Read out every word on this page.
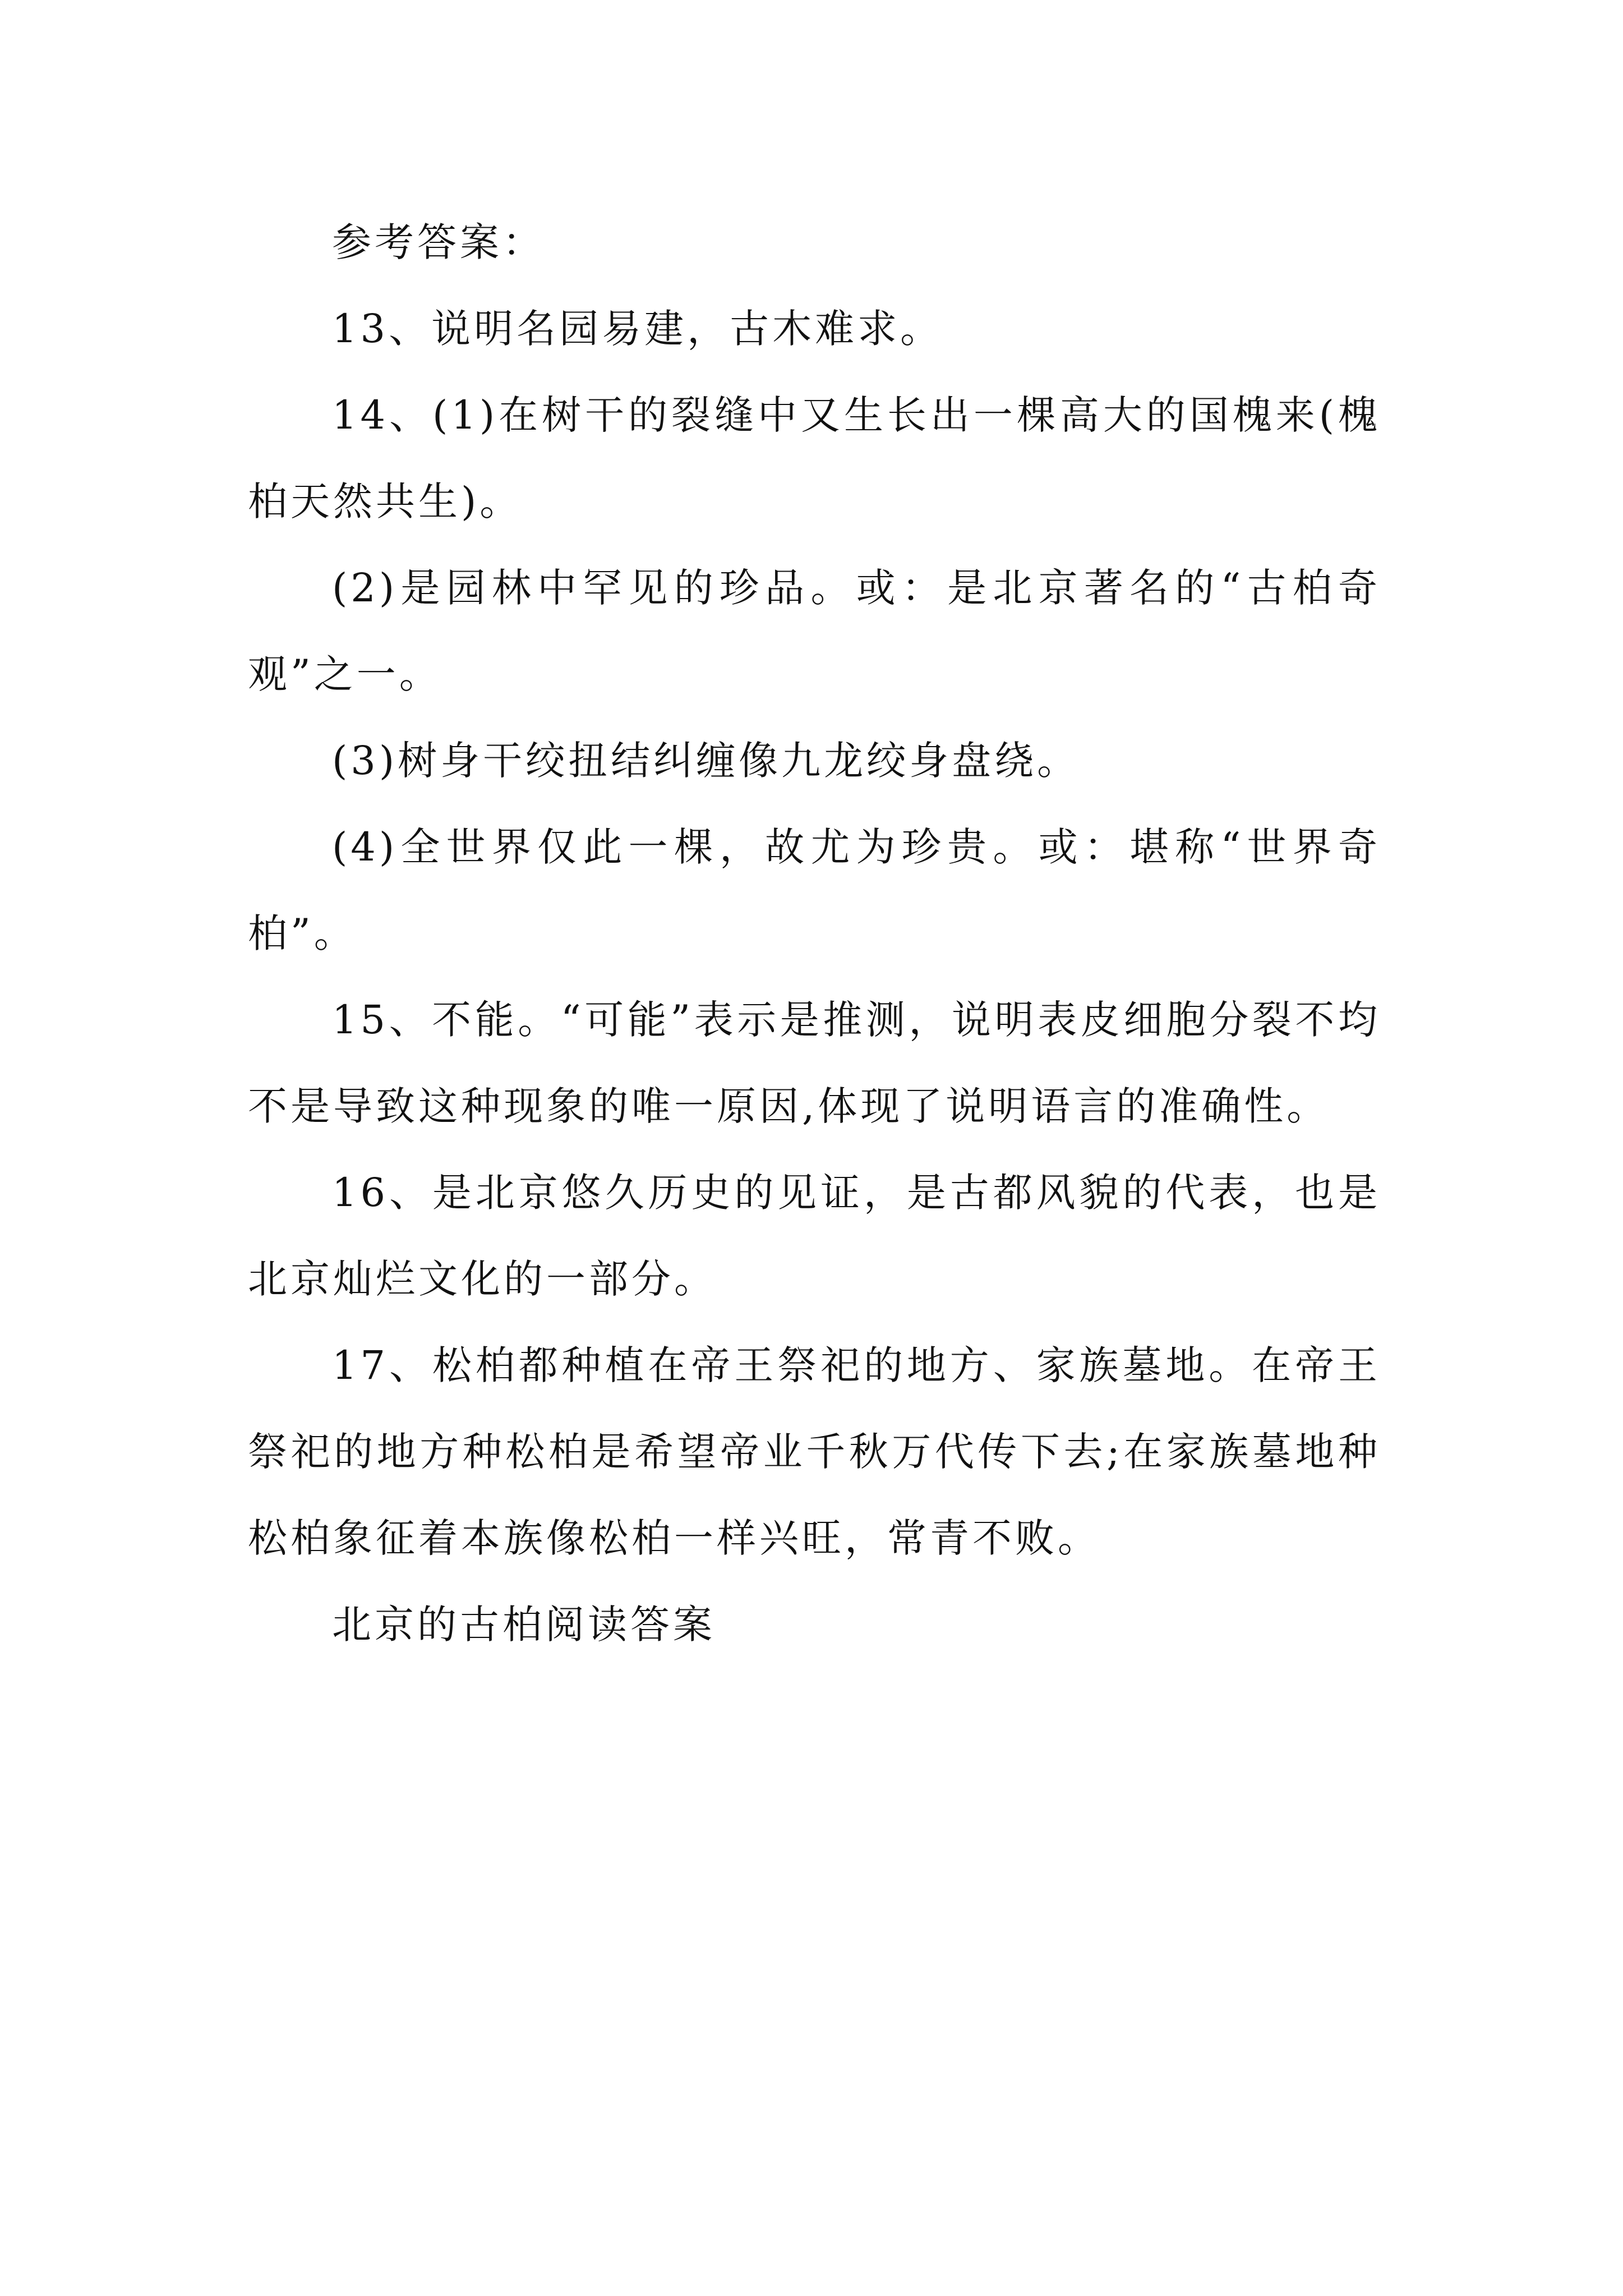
参考答案：

13、说明名园易建，古木难求。

14、(1)在树干的裂缝中又生长出一棵高大的国槐来(槐柏天然共生)。

(2)是园林中罕见的珍品。或：是北京著名的“古柏奇观”之一。

(3)树身干绞扭结纠缠像九龙绞身盘绕。

(4)全世界仅此一棵，故尤为珍贵。或：堪称“世界奇柏”。

15、不能。“可能”表示是推测，说明表皮细胞分裂不均不是导致这种现象的唯一原因,体现了说明语言的准确性。

16、是北京悠久历史的见证，是古都风貌的代表，也是北京灿烂文化的一部分。

17、松柏都种植在帝王祭祀的地方、家族墓地。在帝王祭祀的地方种松柏是希望帝业千秋万代传下去;在家族墓地种松柏象征着本族像松柏一样兴旺，常青不败。

北京的古柏阅读答案
